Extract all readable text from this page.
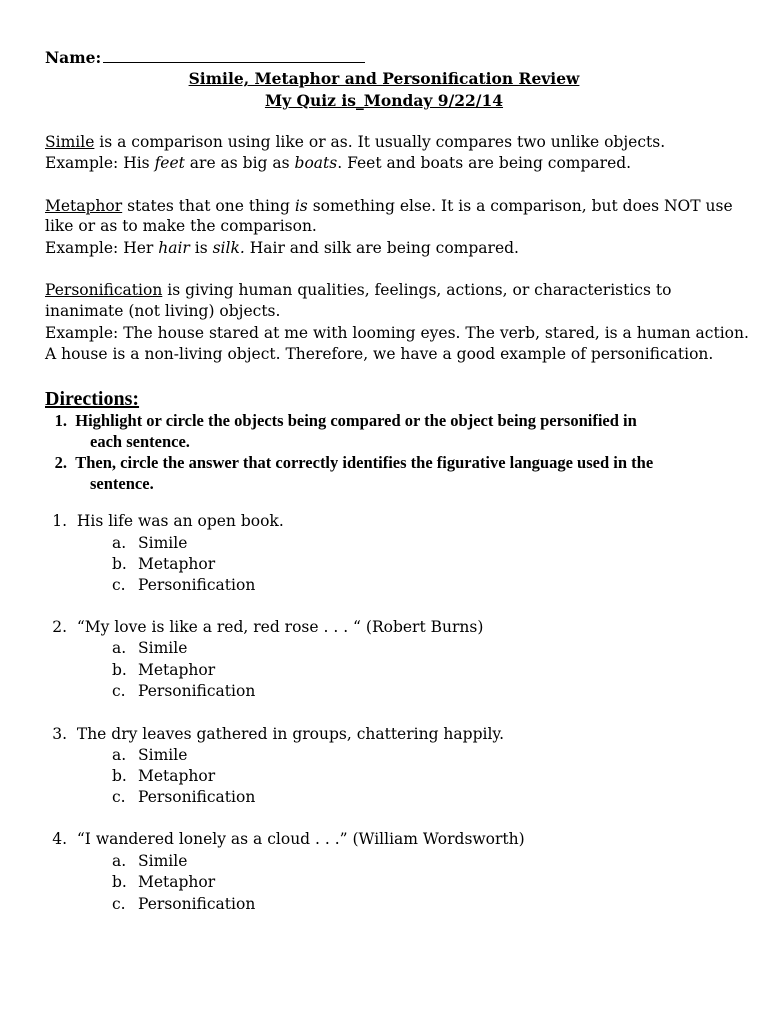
Name:
Simile, Metaphor and Personification Review
My Quiz is_Monday 9/22/14
Simile is a comparison using like or as. It usually compares two unlike objects.
Example: His feet are as big as boats. Feet and boats are being compared.
Metaphor states that one thing is something else. It is a comparison, but does NOT use
like or as to make the comparison.
Example: Her hair is silk. Hair and silk are being compared.
Personification is giving human qualities, feelings, actions, or characteristics to
inanimate (not living) objects.
Example: The house stared at me with looming eyes. The verb, stared, is a human action.
A house is a non-living object. Therefore, we have a good example of personification.
Directions:
1. Highlight or circle the objects being compared or the object being personified in
each sentence.
2. Then, circle the answer that correctly identifies the figurative language used in the
sentence.
1. His life was an open book.
a. Simile
b. Metaphor
c. Personification
2. “My love is like a red, red rose . . . “ (Robert Burns)
a. Simile
b. Metaphor
c. Personification
3. The dry leaves gathered in groups, chattering happily.
a. Simile
b. Metaphor
c. Personification
4. “I wandered lonely as a cloud . . .” (William Wordsworth)
a. Simile
b. Metaphor
c. Personification
